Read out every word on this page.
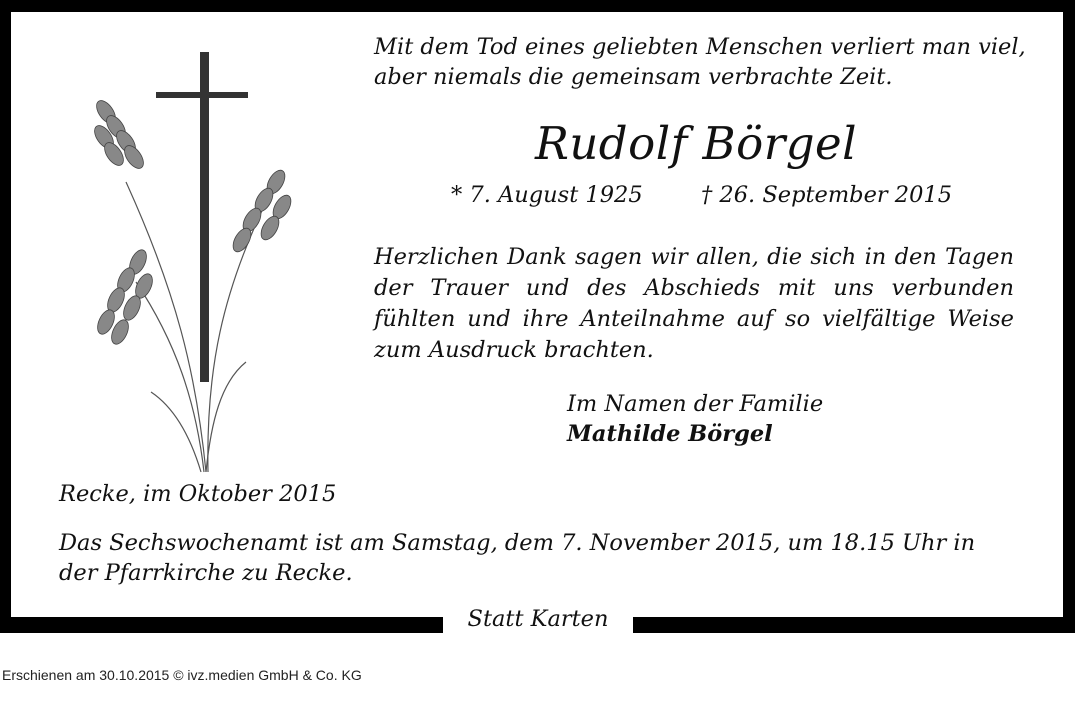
Mit dem Tod eines geliebten Menschen verliert man viel,
aber niemals die gemeinsam verbrachte Zeit.
Rudolf Börgel
* 7. August 1925	† 26. September 2015
Herzlichen Dank sagen wir allen, die sich in den Tagen der Trauer und des Abschieds mit uns verbunden fühlten und ihre Anteilnahme auf so vielfältige Weise zum Ausdruck brachten.
Im Namen der Familie
Mathilde Börgel
Recke, im Oktober 2015
Das Sechswochenamt ist am Samstag, dem 7. November 2015, um 18.15 Uhr in der Pfarrkirche zu Recke.
Statt Karten
Erschienen am 30.10.2015 © ivz.medien GmbH & Co. KG
